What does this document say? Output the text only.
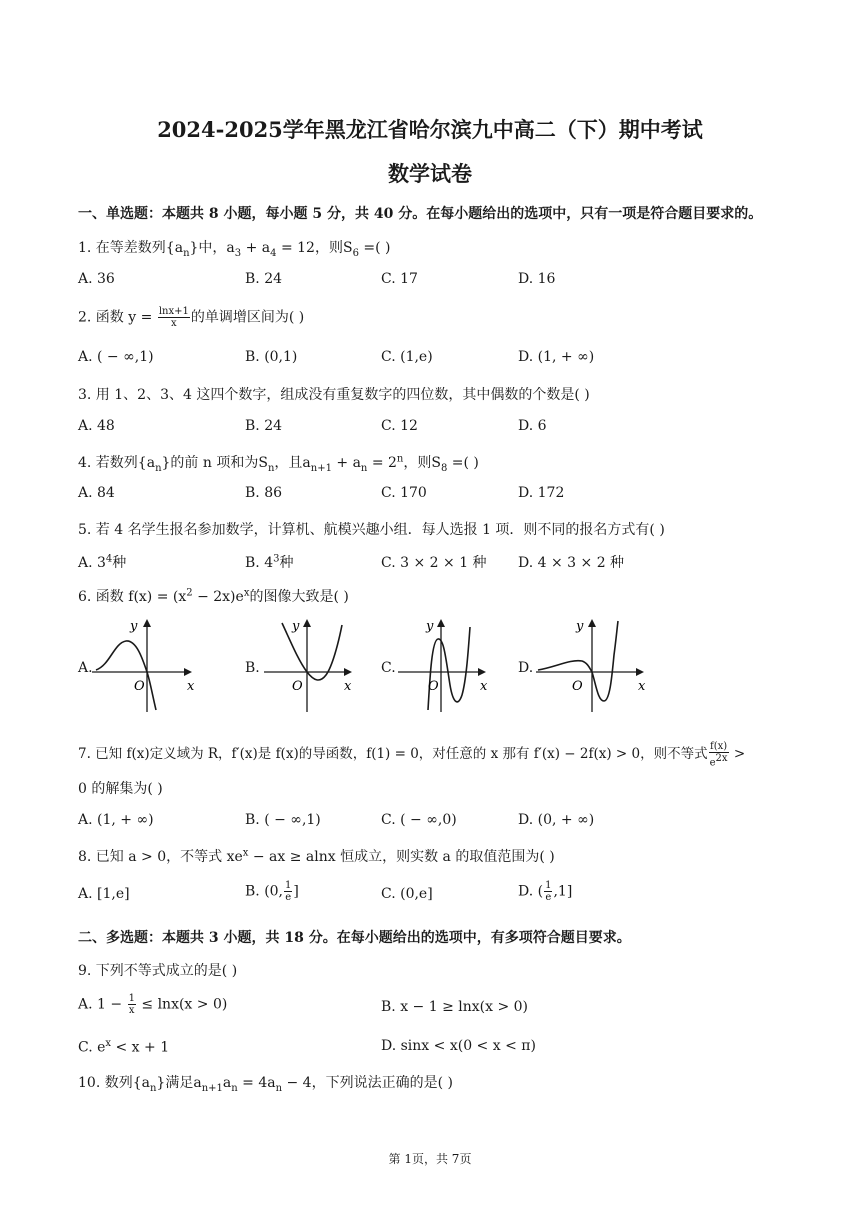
2024-2025学年黑龙江省哈尔滨九中高二（下）期中考试
数学试卷
一、单选题：本题共 8 小题，每小题 5 分，共 40 分。在每小题给出的选项中，只有一项是符合题目要求的。
1. 在等差数列$\{a_n\}$中，$a_3 + a_4 = 12$，则$S_6$ =( )
A. 36	B. 24	C. 17	D. 16
2. 函数 $y = \frac{\ln x+1}{x}$ 的单调增区间为( )
A. ( − ∞,1)	B. (0,1)	C. (1,e)	D. (1, + ∞)
3. 用 1、2、3、4 这四个数字，组成没有重复数字的四位数，其中偶数的个数是( )
A. 48	B. 24	C. 12	D. 6
4. 若数列$\{a_n\}$的前 n 项和为$S_n$，且$a_{n+1} + a_n = 2^n$，则$S_8$ =( )
A. 84	B. 86	C. 170	D. 172
5. 若 4 名学生报名参加数学，计算机、航模兴趣小组．每人选报 1 项．则不同的报名方式有( )
A. $3^4$种	B. $4^3$种	C. 3 × 2 × 1 种 D. 4 × 3 × 2 种
6. 函数 $f(x) = (x^2 - 2x)e^x$的图像大致是( )
A.
y
O	x
B.
y
O	x
C.
y
O	x
D.
y
O	x
7. 已知 f(x)定义域为 R，f′(x)是 f(x)的导函数，f(1) = 0，对任意的 x 那有 f′(x) − 2f(x) > 0，则不等式 $\frac{f(x)}{e^{2x}}$ >
0 的解集为( )
A. (1, + ∞)	B. ( − ∞,1)	C. ( − ∞,0)	D. (0, + ∞)
8. 已知 a > 0，不等式 $xe^x$ − ax ≥ alnx 恒成立，则实数 a 的取值范围为( )
A. [1,e]	B. (0, $\frac{1}{e}$ ]	C. (0,e]	D. ( $\frac{1}{e} ,1$]
二、多选题：本题共 3 小题，共 18 分。在每小题给出的选项中，有多项符合题目要求。
9. 下列不等式成立的是( )
A. $1 - \frac{1}{x} \le \ln x(x > 0)$	B. x − 1 ≥ lnx(x > 0)
C. $e^x < x + 1$	D. sinx < x(0 < x < π)
10. 数列$\{a_n\}$满足$a_{n+1}a_n = 4a_n - 4$，下列说法正确的是( )
第 1页，共 7页
